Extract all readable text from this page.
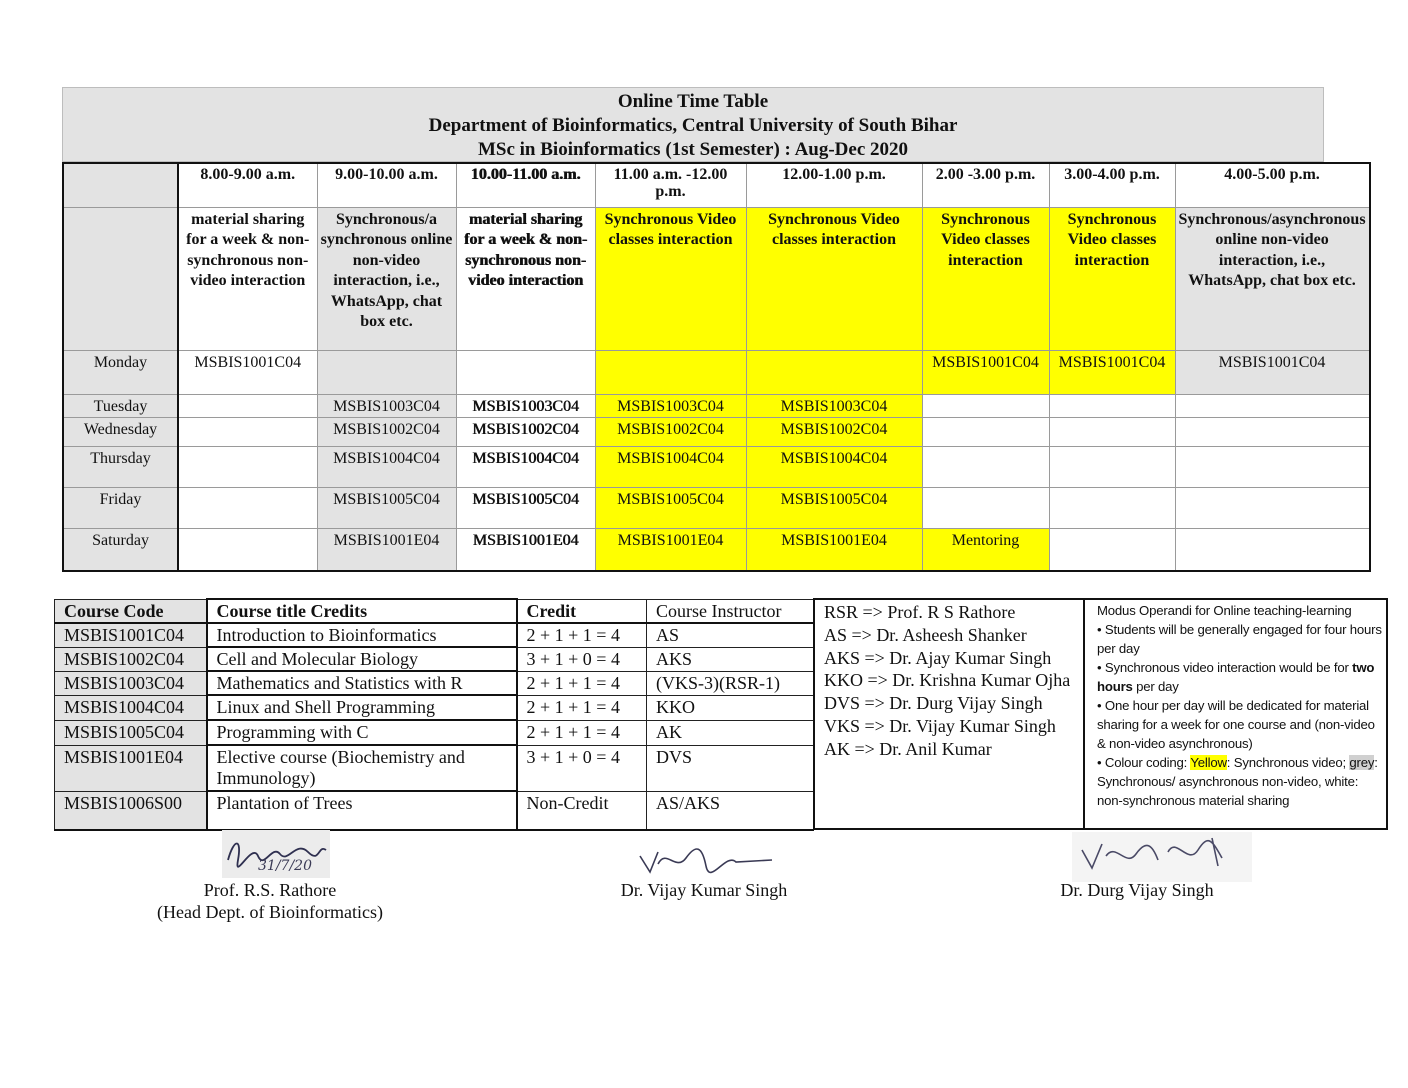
Online Time Table
Department of Bioinformatics, Central University of South Bihar
MSc in Bioinformatics (1st Semester) : Aug-Dec 2020
	8.00-9.00 a.m.	9.00-10.00 a.m.	10.00-11.00 a.m.	11.00 a.m. -12.00 p.m.	12.00-1.00 p.m.	2.00 -3.00 p.m.	3.00-4.00 p.m.	4.00-5.00 p.m.
	material sharing for a week & non-synchronous non-video interaction	Synchronous/a synchronous online non-video interaction, i.e., WhatsApp, chat box etc.	material sharing for a week & non-synchronous non-video interaction	Synchronous Video classes interaction	Synchronous Video classes interaction	Synchronous Video classes interaction	Synchronous Video classes interaction	Synchronous/asynchronous online non-video interaction, i.e., WhatsApp, chat box etc.
Monday	MSBIS1001C04					MSBIS1001C04	MSBIS1001C04	MSBIS1001C04
Tuesday		MSBIS1003C04	MSBIS1003C04	MSBIS1003C04	MSBIS1003C04			
Wednesday		MSBIS1002C04	MSBIS1002C04	MSBIS1002C04	MSBIS1002C04			
Thursday		MSBIS1004C04	MSBIS1004C04	MSBIS1004C04	MSBIS1004C04			
Friday		MSBIS1005C04	MSBIS1005C04	MSBIS1005C04	MSBIS1005C04			
Saturday		MSBIS1001E04	MSBIS1001E04	MSBIS1001E04	MSBIS1001E04	Mentoring		
Course Code	Course title Credits	Credit	Course Instructor
MSBIS1001C04	Introduction to Bioinformatics	2 + 1 + 1 = 4	AS
MSBIS1002C04	Cell and Molecular Biology	3 + 1 + 0 = 4	AKS
MSBIS1003C04	Mathematics and Statistics with R	2 + 1 + 1 = 4	(VKS-3)(RSR-1)
MSBIS1004C04	Linux and Shell Programming	2 + 1 + 1 = 4	KKO
MSBIS1005C04	Programming with C	2 + 1 + 1 = 4	AK
MSBIS1001E04	Elective course (Biochemistry and Immunology)	3 + 1 + 0 = 4	DVS
MSBIS1006S00	Plantation of Trees	Non-Credit	AS/AKS
RSR => Prof. R S Rathore
AS => Dr. Asheesh Shanker
AKS => Dr. Ajay Kumar Singh
KKO => Dr. Krishna Kumar Ojha
DVS => Dr. Durg Vijay Singh
VKS => Dr. Vijay Kumar Singh
AK => Dr. Anil Kumar
Modus Operandi for Online teaching-learning
• Students will be generally engaged for four hours per day
• Synchronous video interaction would be for two hours per day
• One hour per day will be dedicated for material sharing for a week for one course and (non-video & non-video asynchronous)
• Colour coding: Yellow: Synchronous video; grey: Synchronous/ asynchronous non-video, white: non-synchronous material sharing
31/7/20
Prof. R.S. Rathore
(Head Dept. of Bioinformatics)
Dr. Vijay Kumar Singh	Dr. Durg Vijay Singh
